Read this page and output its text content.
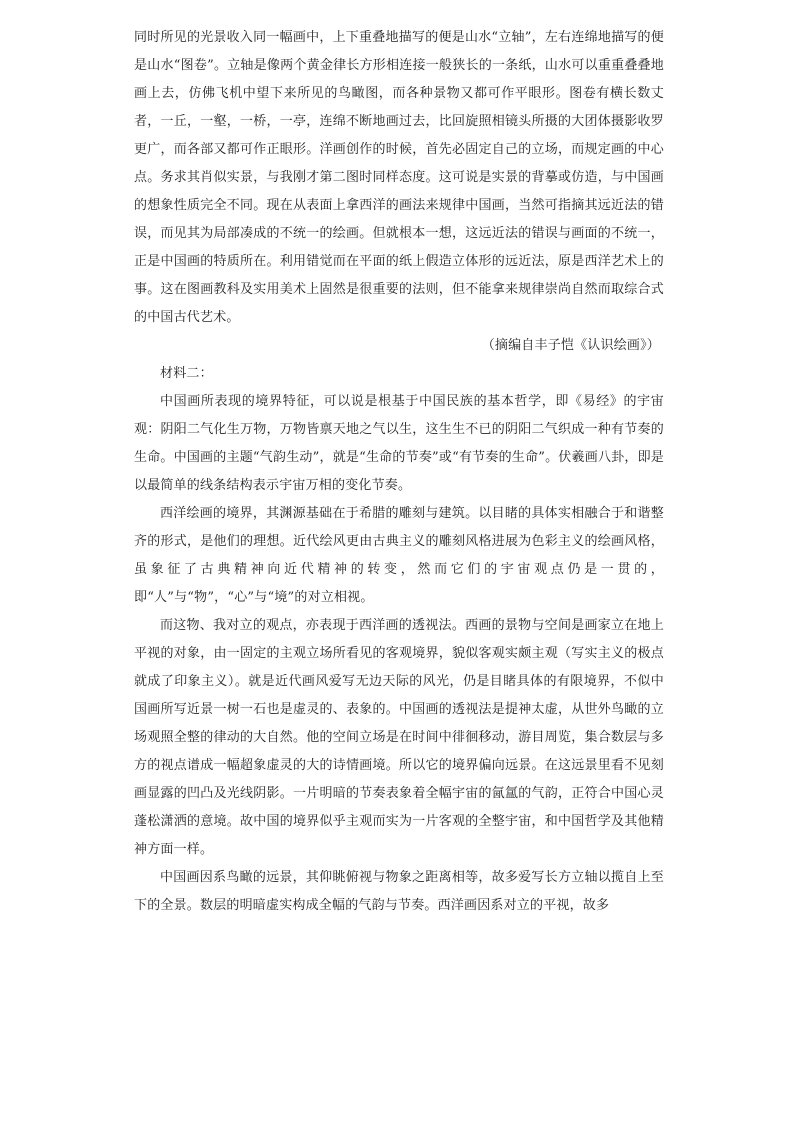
同时所见的光景收入同一幅画中，上下重叠地描写的便是山水“立轴”，左右连绵地描写的便是山水“图卷”。立轴是像两个黄金律长方形相连接一般狭长的一条纸，山水可以重重叠叠地画上去，仿佛飞机中望下来所见的鸟瞰图，而各种景物又都可作平眼形。图卷有横长数丈者，一丘，一壑，一桥，一亭，连绵不断地画过去，比回旋照相镜头所摄的大团体摄影收罗更广，而各部又都可作正眼形。洋画创作的时候，首先必固定自己的立场，而规定画的中心点。务求其肖似实景，与我刚才第二图时同样态度。这可说是实景的背摹或仿造，与中国画的想象性质完全不同。现在从表面上拿西洋的画法来规律中国画，当然可指摘其远近法的错误，而见其为局部凑成的不统一的绘画。但就根本一想，这远近法的错误与画面的不统一，正是中国画的特质所在。利用错觉而在平面的纸上假造立体形的远近法，原是西洋艺术上的事。这在图画教科及实用美术上固然是很重要的法则，但不能拿来规律崇尚自然而取综合式的中国古代艺术。

（摘编自丰子恺《认识绘画》）

材料二：

中国画所表现的境界特征，可以说是根基于中国民族的基本哲学，即《易经》的宇宙观：阴阳二气化生万物，万物皆禀天地之气以生，这生生不已的阴阳二气织成一种有节奏的生命。中国画的主题“气韵生动”，就是“生命的节奏”或“有节奏的生命”。伏羲画八卦，即是以最简单的线条结构表示宇宙万相的变化节奏。

西洋绘画的境界，其渊源基础在于希腊的雕刻与建筑。以目睹的具体实相融合于和谐整齐的形式，是他们的理想。近代绘风更由古典主义的雕刻风格进展为色彩主义的绘画风格，虽象征了古典精神向近代精神的转变，然而它们的宇宙观点仍是一贯的，即“人”与“物”，“心”与“境”的对立相视。

而这物、我对立的观点，亦表现于西洋画的透视法。西画的景物与空间是画家立在地上平视的对象，由一固定的主观立场所看见的客观境界，貌似客观实颇主观（写实主义的极点就成了印象主义）。就是近代画风爱写无边天际的风光，仍是目睹具体的有限境界，不似中国画所写近景一树一石也是虚灵的、表象的。中国画的透视法是提神太虚，从世外鸟瞰的立场观照全整的律动的大自然。他的空间立场是在时间中徘徊移动，游目周览，集合数层与多方的视点谱成一幅超象虚灵的大的诗情画境。所以它的境界偏向远景。在这远景里看不见刻画显露的凹凸及光线阴影。一片明暗的节奏表象着全幅宇宙的氤氲的气韵，正符合中国心灵蓬松潇洒的意境。故中国的境界似乎主观而实为一片客观的全整宇宙，和中国哲学及其他精神方面一样。

中国画因系鸟瞰的远景，其仰眺俯视与物象之距离相等，故多爱写长方立轴以揽自上至下的全景。数层的明暗虚实构成全幅的气韵与节奏。西洋画因系对立的平视，故多
